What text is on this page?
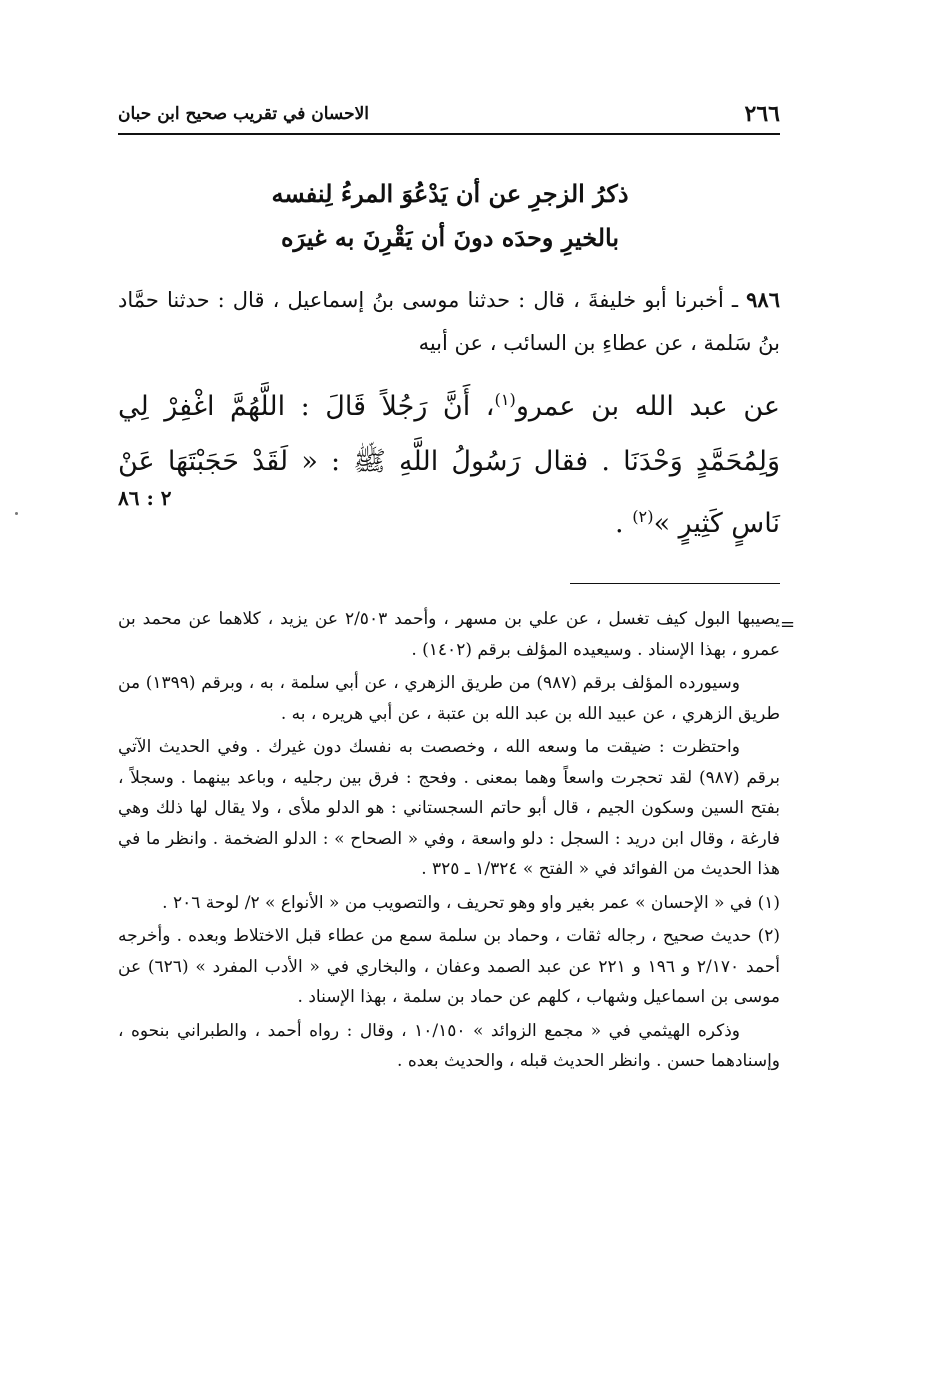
٢٦٦
الاحسان في تقريب صحيح ابن حبان
ذكرُ الزجرِ عن أن يَدْعُوَ المرءُ لِنفسه
بالخيرِ وحدَه دونَ أن يَقْرِنَ به غيرَه
٩٨٦ ـ أخبرنا أبو خليفةَ ، قال : حدثنا موسى بنُ إسماعيل ، قال : حدثنا حمَّاد بنُ سَلمة ، عن عطاءِ بن السائب ، عن أبيه
عن عبد الله بن عمرو$^{(١)}$، أَنَّ رَجُلاً قَالَ : اللَّهُمَّ اغْفِرْ لِي وَلِمُحَمَّدٍ وَحْدَنَا . فقال رَسُولُ اللَّهِ ﷺ : « لَقَدْ حَجَبْتَهَا عَنْ نَاسٍ كَثِيرٍ »$^{(٢)}$ .
٢ : ٨٦
=

يصيبها البول كيف تغسل ، عن علي بن مسهر ، وأحمد ٢/٥٠٣ عن يزيد ، كلاهما عن محمد بن عمرو ، بهذا الإسناد . وسيعيده المؤلف برقم (١٤٠٢) .

وسيورده المؤلف برقم (٩٨٧) من طريق الزهري ، عن أبي سلمة ، به ، وبرقم (١٣٩٩) من طريق الزهري ، عن عبيد الله بن عبد الله بن عتبة ، عن أبي هريره ، به .

واحتظرت : ضيقت ما وسعه الله ، وخصصت به نفسك دون غيرك . وفي الحديث الآتي برقم (٩٨٧) لقد تحجرت واسعاً وهما بمعنى . وفحج : فرق بين رجليه ، وباعد بينهما . وسجلاً ، بفتح السين وسكون الجيم ، قال أبو حاتم السجستاني : هو الدلو ملأى ، ولا يقال لها ذلك وهي فارغة ، وقال ابن دريد : السجل : دلو واسعة ، وفي « الصحاح » : الدلو الضخمة . وانظر ما في هذا الحديث من الفوائد في « الفتح » ١/٣٢٤ ـ ٣٢٥ .

(١) في « الإحسان » عمر بغير واو وهو تحريف ، والتصويب من « الأنواع » ٢/ لوحة ٢٠٦ .

(٢) حديث صحيح ، رجاله ثقات ، وحماد بن سلمة سمع من عطاء قبل الاختلاط وبعده . وأخرجه أحمد ٢/١٧٠ و ١٩٦ و ٢٢١ عن عبد الصمد وعفان ، والبخاري في « الأدب المفرد » (٦٢٦) عن موسى بن اسماعيل وشهاب ، كلهم عن حماد بن سلمة ، بهذا الإسناد .

وذكره الهيثمي في « مجمع الزوائد » ١٠/١٥٠ ، وقال : رواه أحمد ، والطبراني بنحوه ، وإسنادهما حسن . وانظر الحديث قبله ، والحديث بعده .
